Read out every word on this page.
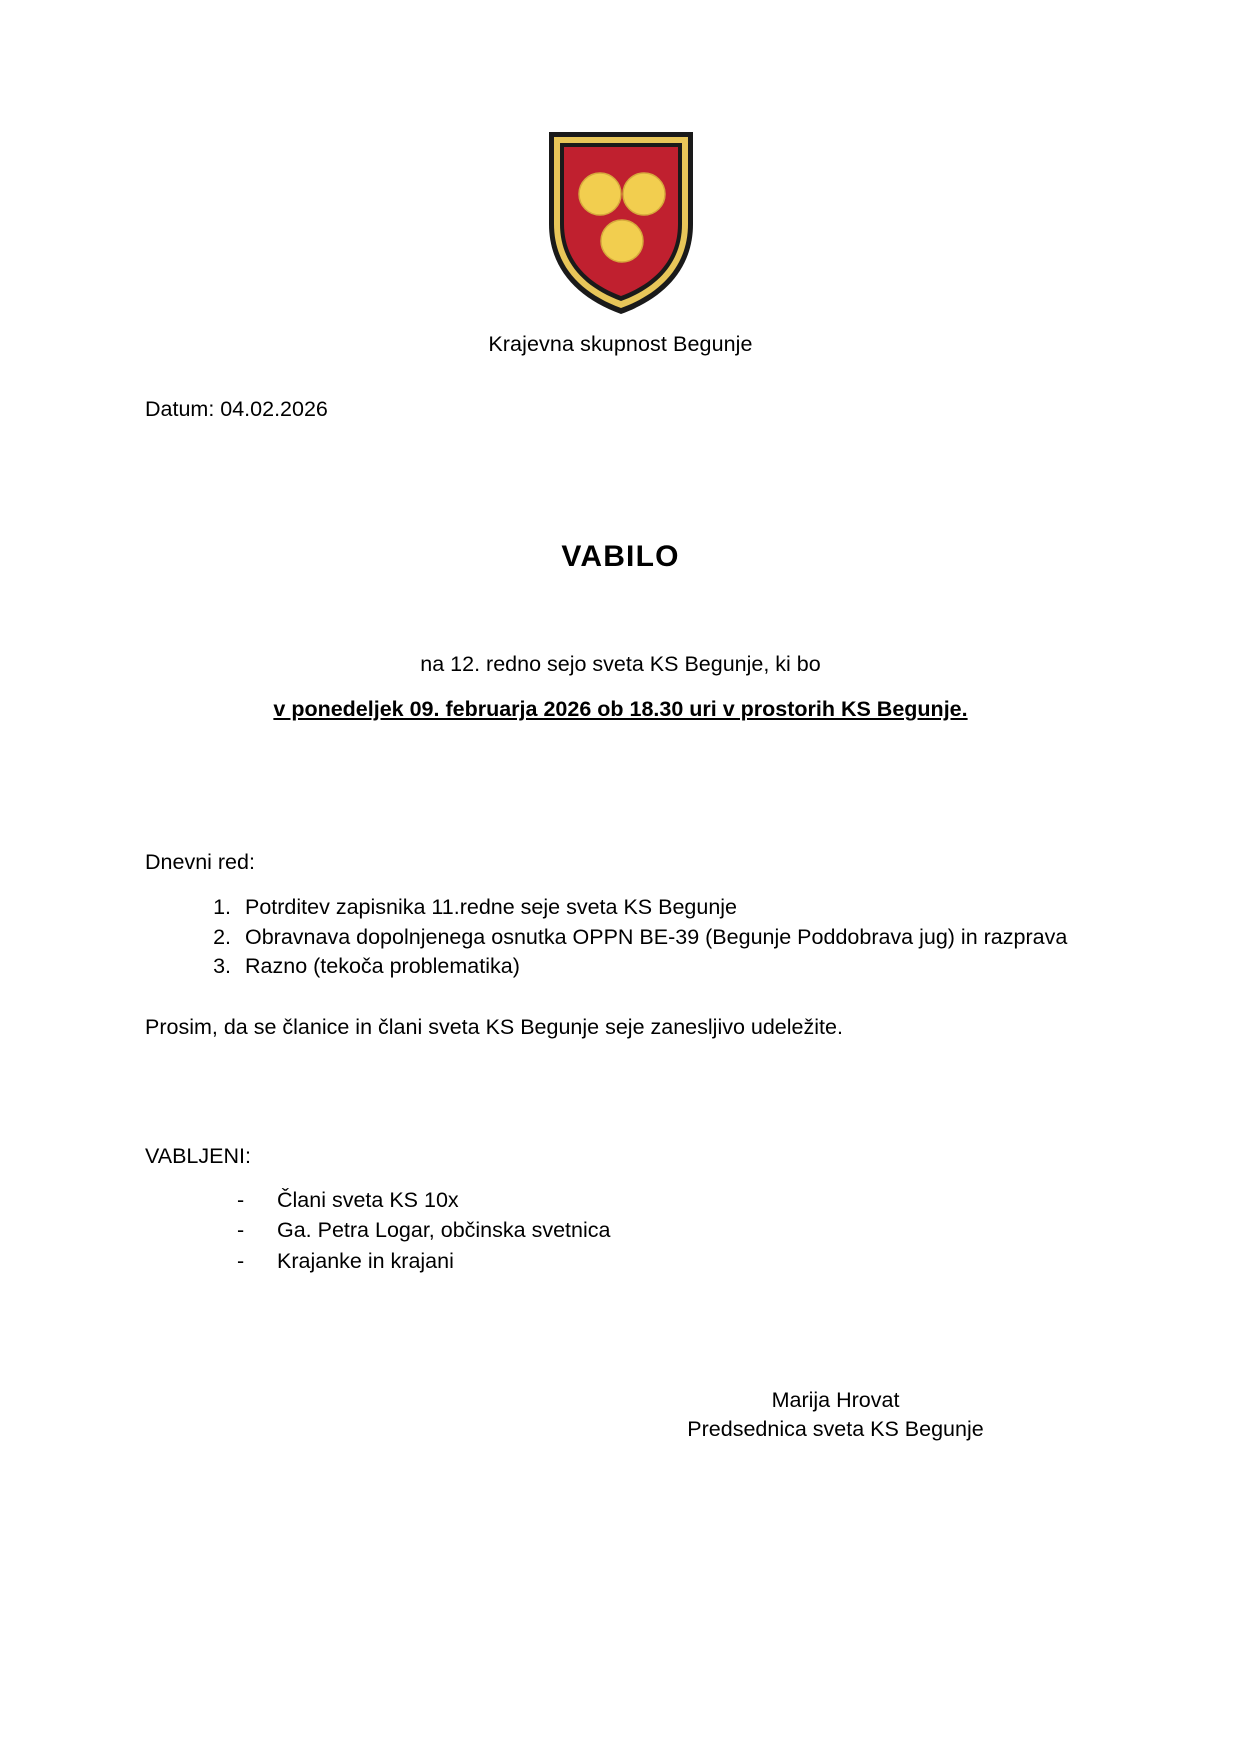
Krajevna skupnost Begunje
Datum: 04.02.2026
VABILO
na 12. redno sejo sveta KS Begunje, ki bo
v ponedeljek 09. februarja 2026 ob 18.30 uri v prostorih KS Begunje.
Dnevni red:
1. Potrditev zapisnika 11.redne seje sveta KS Begunje
2. Obravnava dopolnjenega osnutka OPPN BE-39 (Begunje Poddobrava jug) in razprava
3. Razno (tekoča problematika)
Prosim, da se članice in člani sveta KS Begunje seje zanesljivo udeležite.
VABLJENI:
- Člani sveta KS 10x
- Ga. Petra Logar, občinska svetnica
- Krajanke in krajani
Marija Hrovat
Predsednica sveta KS Begunje
